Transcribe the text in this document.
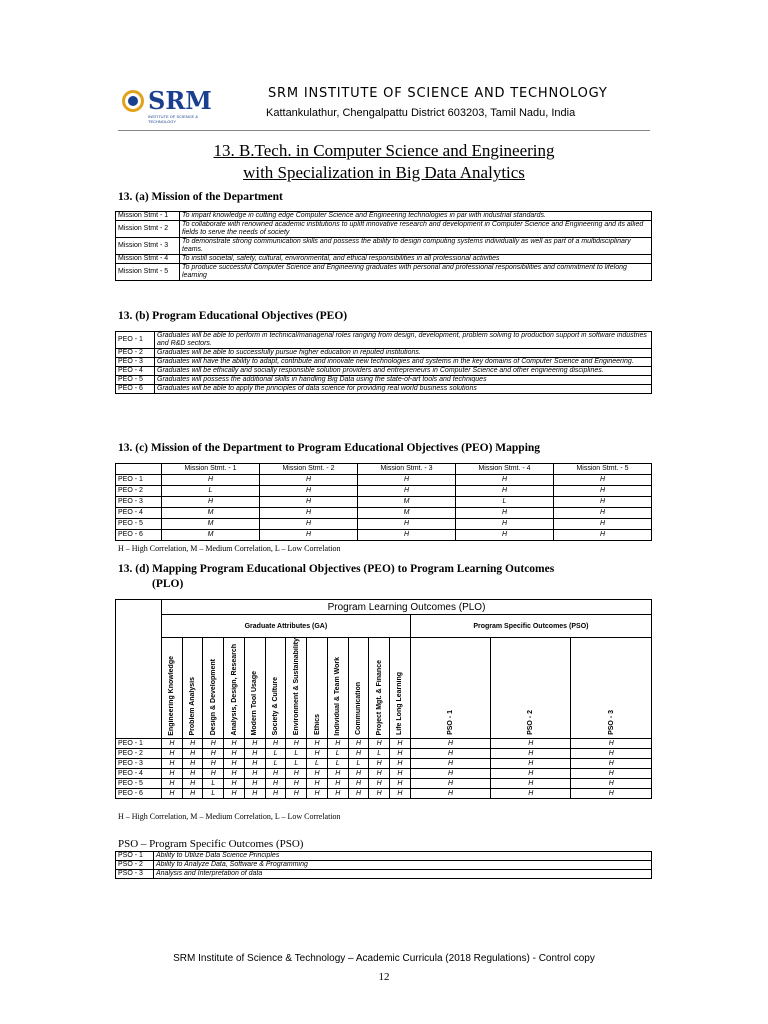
SRM
INSTITUTE OF SCIENCE & TECHNOLOGY
SRM INSTITUTE OF SCIENCE AND TECHNOLOGY
Kattankulathur, Chengalpattu District 603203, Tamil Nadu, India
13. B.Tech. in Computer Science and Engineering
with Specialization in Big Data Analytics
13. (a) Mission of the Department
Mission Stmt - 1	To impart knowledge in cutting edge Computer Science and Engineering technologies in par with industrial standards.
Mission Stmt - 2	To collaborate with renowned academic institutions to uplift innovative research and development in Computer Science and Engineering and its allied fields to serve the needs of society
Mission Stmt - 3	To demonstrate strong communication skills and possess the ability to design computing systems individually as well as part of a multidisciplinary teams.
Mission Stmt - 4	To instill societal, safety, cultural, environmental, and ethical responsibilities in all professional activities
Mission Stmt - 5	To produce successful Computer Science and Engineering graduates with personal and professional responsibilities and commitment to lifelong learning
13. (b) Program Educational Objectives (PEO)
PEO - 1	Graduates will be able to perform in technical/managerial roles ranging from design, development, problem solving to production support in software industries and R&D sectors.
PEO - 2	Graduates will be able to successfully pursue higher education in reputed institutions.
PEO - 3	Graduates will have the ability to adapt, contribute and innovate new technologies and systems in the key domains of Computer Science and Engineering.
PEO - 4	Graduates will be ethically and socially responsible solution providers and entrepreneurs in Computer Science and other engineering disciplines.
PEO - 5	Graduates will possess the additional skills in handling Big Data using the state-of-art tools and techniques
PEO - 6	Graduates will be able to apply the principles of data science for providing real world business solutions
13. (c) Mission of the Department to Program Educational Objectives (PEO) Mapping
	Mission Stmt. - 1	Mission Stmt. - 2	Mission Stmt. - 3	Mission Stmt. - 4	Mission Stmt. - 5
PEO - 1	H	H	H	H	H
PEO - 2	L	H	H	H	H
PEO - 3	H	H	M	L	H
PEO - 4	M	H	M	H	H
PEO - 5	M	H	H	H	H
PEO - 6	M	H	H	H	H
H – High Correlation, M – Medium Correlation, L – Low Correlation
13. (d) Mapping Program Educational Objectives (PEO) to Program Learning Outcomes
(PLO)
	Program Learning Outcomes (PLO)														
	Graduate Attributes (GA)												Program Specific Outcomes (PSO)		

	Engineering Knowledge	Problem Analysis	Design & Development	Analysis, Design, Research	Modern Tool Usage	Society & Culture	Environment & Sustainability	Ethics	Individual & Team Work	Communication	Project Mgt. & Finance	Life Long Learning	PSO - 1	PSO - 2	PSO - 3

PEO - 1	H	H	H	H	H	H	H	H	H	H	H	H	H	H	H
PEO - 2	H	H	H	H	H	L	L	H	L	H	L	H	H	H	H
PEO - 3	H	H	H	H	H	L	L	L	L	L	H	H	H	H	H
PEO - 4	H	H	H	H	H	H	H	H	H	H	H	H	H	H	H
PEO - 5	H	H	L	H	H	H	H	H	H	H	H	H	H	H	H
PEO - 6	H	H	L	H	H	H	H	H	H	H	H	H	H	H	H
H – High Correlation, M – Medium Correlation, L – Low Correlation
PSO – Program Specific Outcomes (PSO)
PSO - 1	Ability to Utilize Data Science Principles
PSO - 2	Ability to Analyze Data, Software & Programming
PSO - 3	Analysis and Interpretation of data
SRM Institute of Science & Technology – Academic Curricula (2018 Regulations) - Control copy
12
